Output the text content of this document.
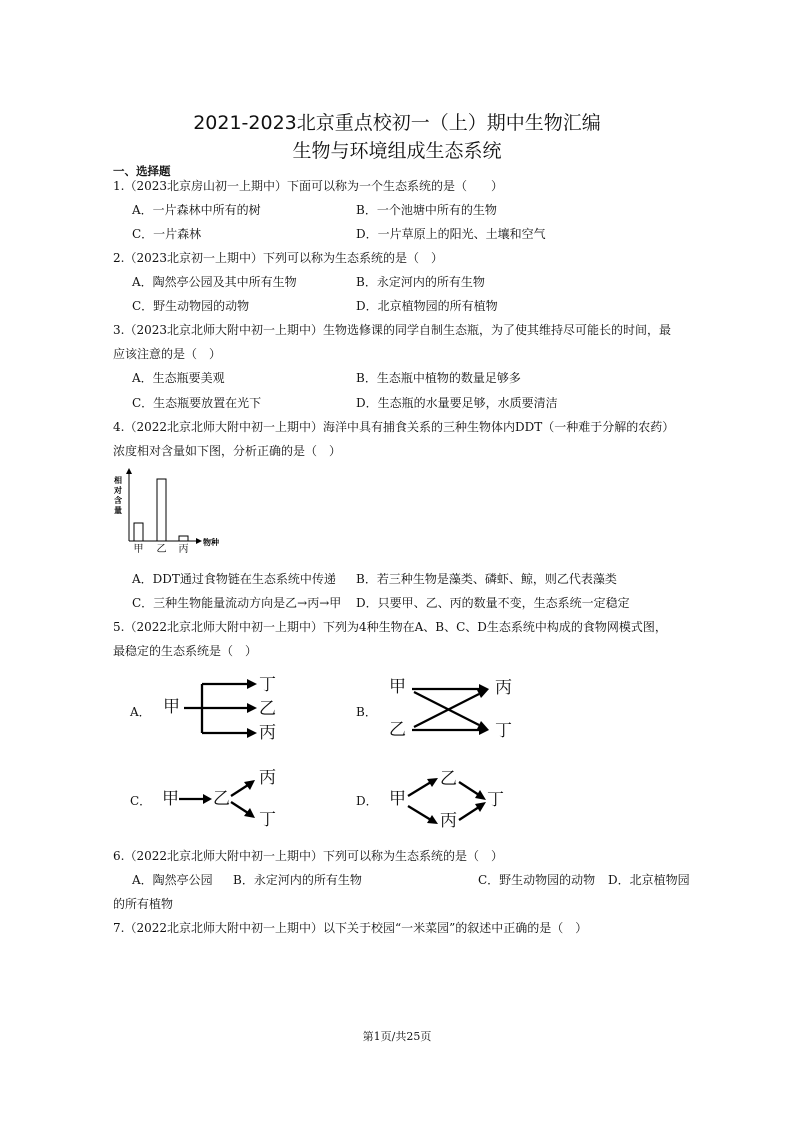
2021-2023北京重点校初一（上）期中生物汇编
生物与环境组成生态系统
一、选择题
1.（2023北京房山初一上期中）下面可以称为一个生态系统的是（　　）
A．一片森林中所有的树	B．一个池塘中所有的生物
C．一片森林	D．一片草原上的阳光、土壤和空气
2.（2023北京初一上期中）下列可以称为生态系统的是（　）
A．陶然亭公园及其中所有生物	B．永定河内的所有生物
C．野生动物园的动物	D．北京植物园的所有植物
3.（2023北京北师大附中初一上期中）生物选修课的同学自制生态瓶，为了使其维持尽可能长的时间，最
应该注意的是（　）
A．生态瓶要美观	B．生态瓶中植物的数量足够多
C．生态瓶要放置在光下	D．生态瓶的水量要足够，水质要清洁
4.（2022北京北师大附中初一上期中）海洋中具有捕食关系的三种生物体内DDT（一种难于分解的农药）
浓度相对含量如下图，分析正确的是（　）
相
对
含
量
物种
甲 乙 丙
A．DDT通过食物链在生态系统中传递 B．若三种生物是藻类、磷虾、鲸，则乙代表藻类
C．三种生物能量流动方向是乙→丙→甲 D．只要甲、乙、丙的数量不变，生态系统一定稳定
5.（2022北京北师大附中初一上期中）下列为4种生物在A、B、C、D生态系统中构成的食物网模式图，
最稳定的生态系统是（　）
A． 甲
丁
乙
丙
B．
甲	丙
乙	丁
C． 甲 乙
丙
丁
D． 甲
乙
丙
丁
6.（2022北京北师大附中初一上期中）下列可以称为生态系统的是（　）
A．陶然亭公园 B．永定河内的所有生物	C．野生动物园的动物 D．北京植物园
的所有植物
7.（2022北京北师大附中初一上期中）以下关于校园“一米菜园”的叙述中正确的是（　）
第1页/共25页
